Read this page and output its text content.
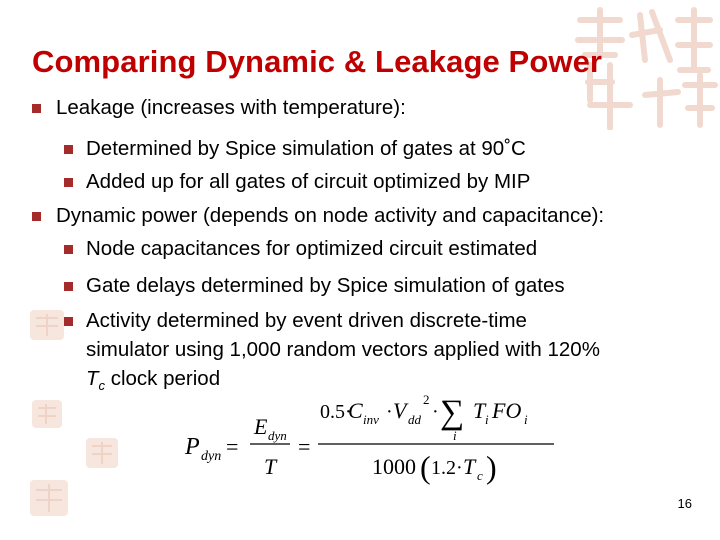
Comparing Dynamic & Leakage Power
Leakage (increases with temperature):
Determined by Spice simulation of gates at 90˚C
Added up for all gates of circuit optimized by MIP
Dynamic power (depends on node activity and capacitance):
Node capacitances for optimized circuit estimated
Gate delays determined by Spice simulation of gates
Activity determined by event driven discrete-time
simulator using 1,000 random vectors applied with 120%
$T_c$ clock period
P dyn =
E dyn
T
=
0.5·
C inv · V dd
2
· ∑
i
T i FO i
1000 ( 1.2· T c )
16
